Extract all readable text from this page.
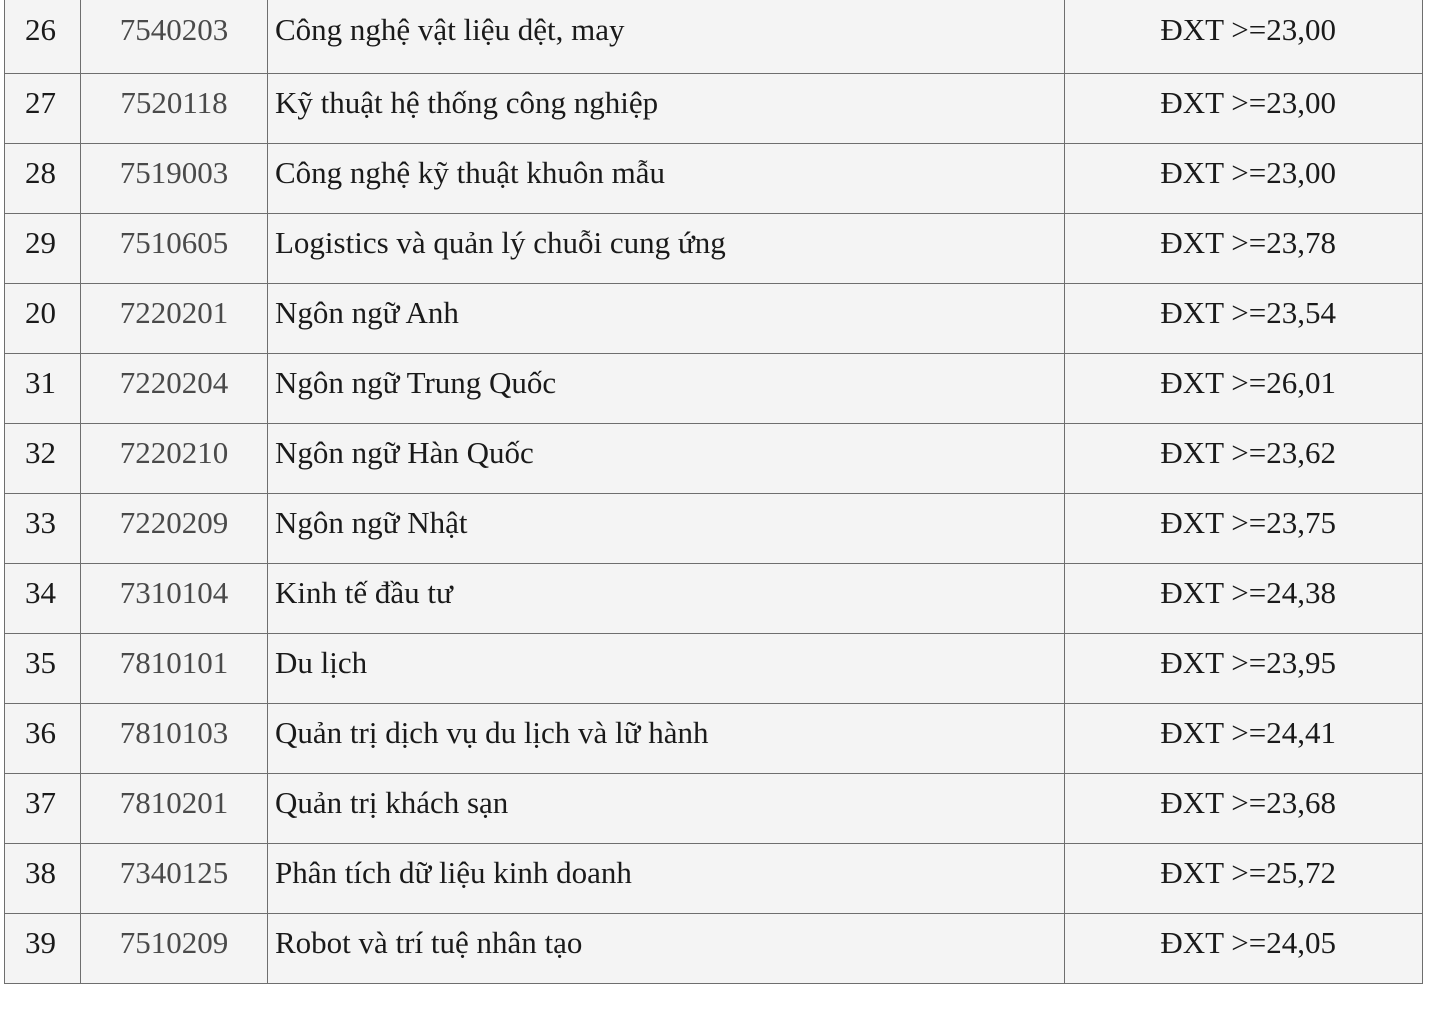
26	7540203	Công nghệ vật liệu dệt, may	ĐXT >=23,00

27	7520118	Kỹ thuật hệ thống công nghiệp	ĐXT >=23,00

28	7519003	Công nghệ kỹ thuật khuôn mẫu	ĐXT >=23,00

29	7510605	Logistics và quản lý chuỗi cung ứng	ĐXT >=23,78

20	7220201	Ngôn ngữ Anh	ĐXT >=23,54

31	7220204	Ngôn ngữ Trung Quốc	ĐXT >=26,01

32	7220210	Ngôn ngữ Hàn Quốc	ĐXT >=23,62

33	7220209	Ngôn ngữ Nhật	ĐXT >=23,75

34	7310104	Kinh tế đầu tư	ĐXT >=24,38

35	7810101	Du lịch	ĐXT >=23,95

36	7810103	Quản trị dịch vụ du lịch và lữ hành	ĐXT >=24,41

37	7810201	Quản trị khách sạn	ĐXT >=23,68

38	7340125	Phân tích dữ liệu kinh doanh	ĐXT >=25,72

39	7510209	Robot và trí tuệ nhân tạo	ĐXT >=24,05
